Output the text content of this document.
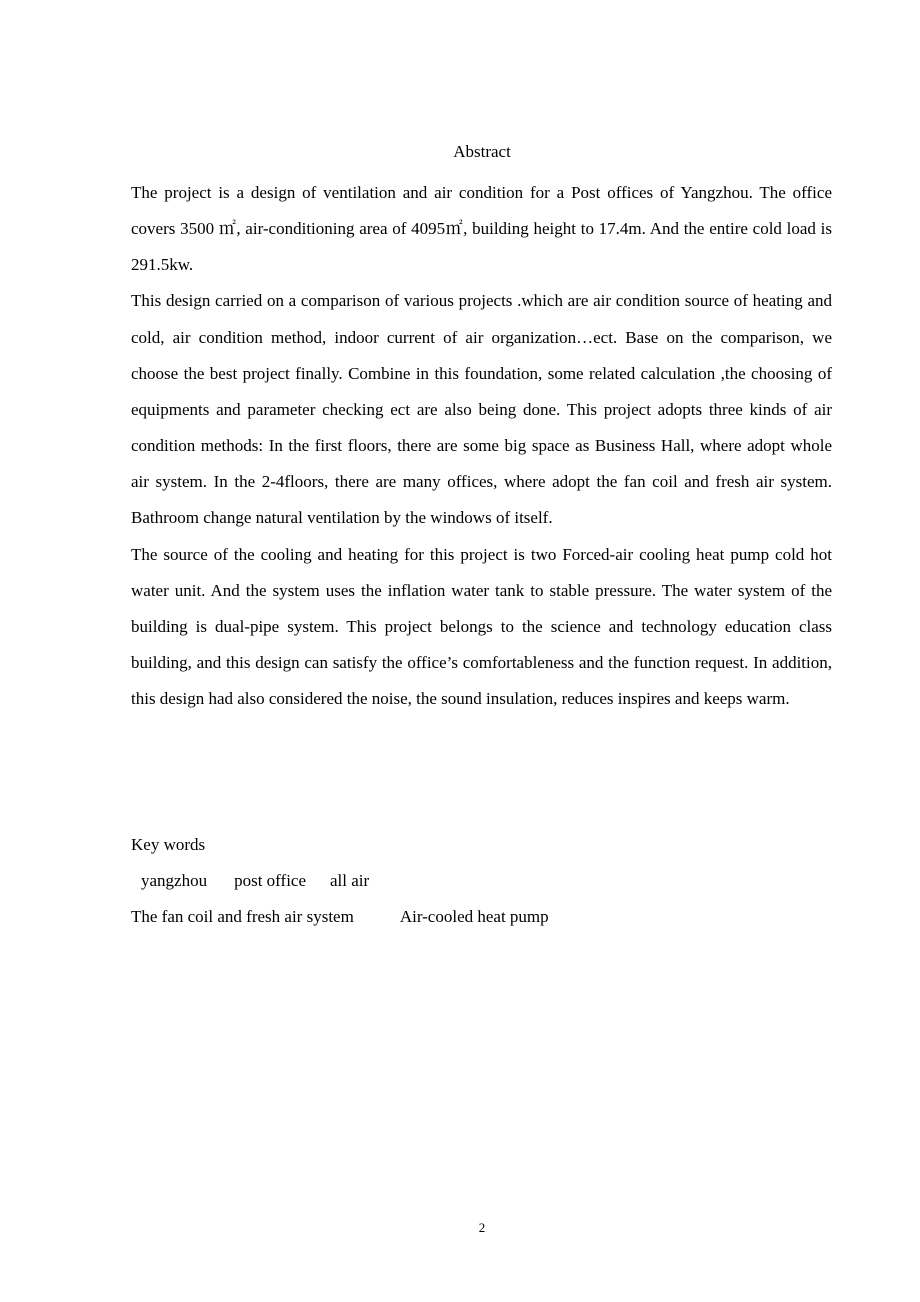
Abstract

The project is a design of ventilation and air condition for a Post offices of Yangzhou. The office covers 3500 ㎡, air-conditioning area of 4095㎡, building height to 17.4m. And the entire cold load is 291.5kw.

This design carried on a comparison of various projects .which are air condition source of heating and cold, air condition method, indoor current of air organization…ect. Base on the comparison, we choose the best project finally. Combine in this foundation, some related calculation ,the choosing of equipments and parameter checking ect are also being done. This project adopts three kinds of air condition methods: In the first floors, there are some big space as Business Hall, where adopt whole air system. In the 2-4floors, there are many offices, where adopt the fan coil and fresh air system. Bathroom change natural ventilation by the windows of itself.

The source of the cooling and heating for this project is two Forced-air cooling heat pump cold hot water unit. And the system uses the inflation water tank to stable pressure. The water system of the building is dual-pipe system. This project belongs to the science and technology education class building, and this design can satisfy the office’s comfortableness and the function request. In addition, this design had also considered the noise, the sound insulation, reduces inspires and keeps warm.

Key words
yangzhou post office all air
The fan coil and fresh air system	Air-cooled heat pump
2
